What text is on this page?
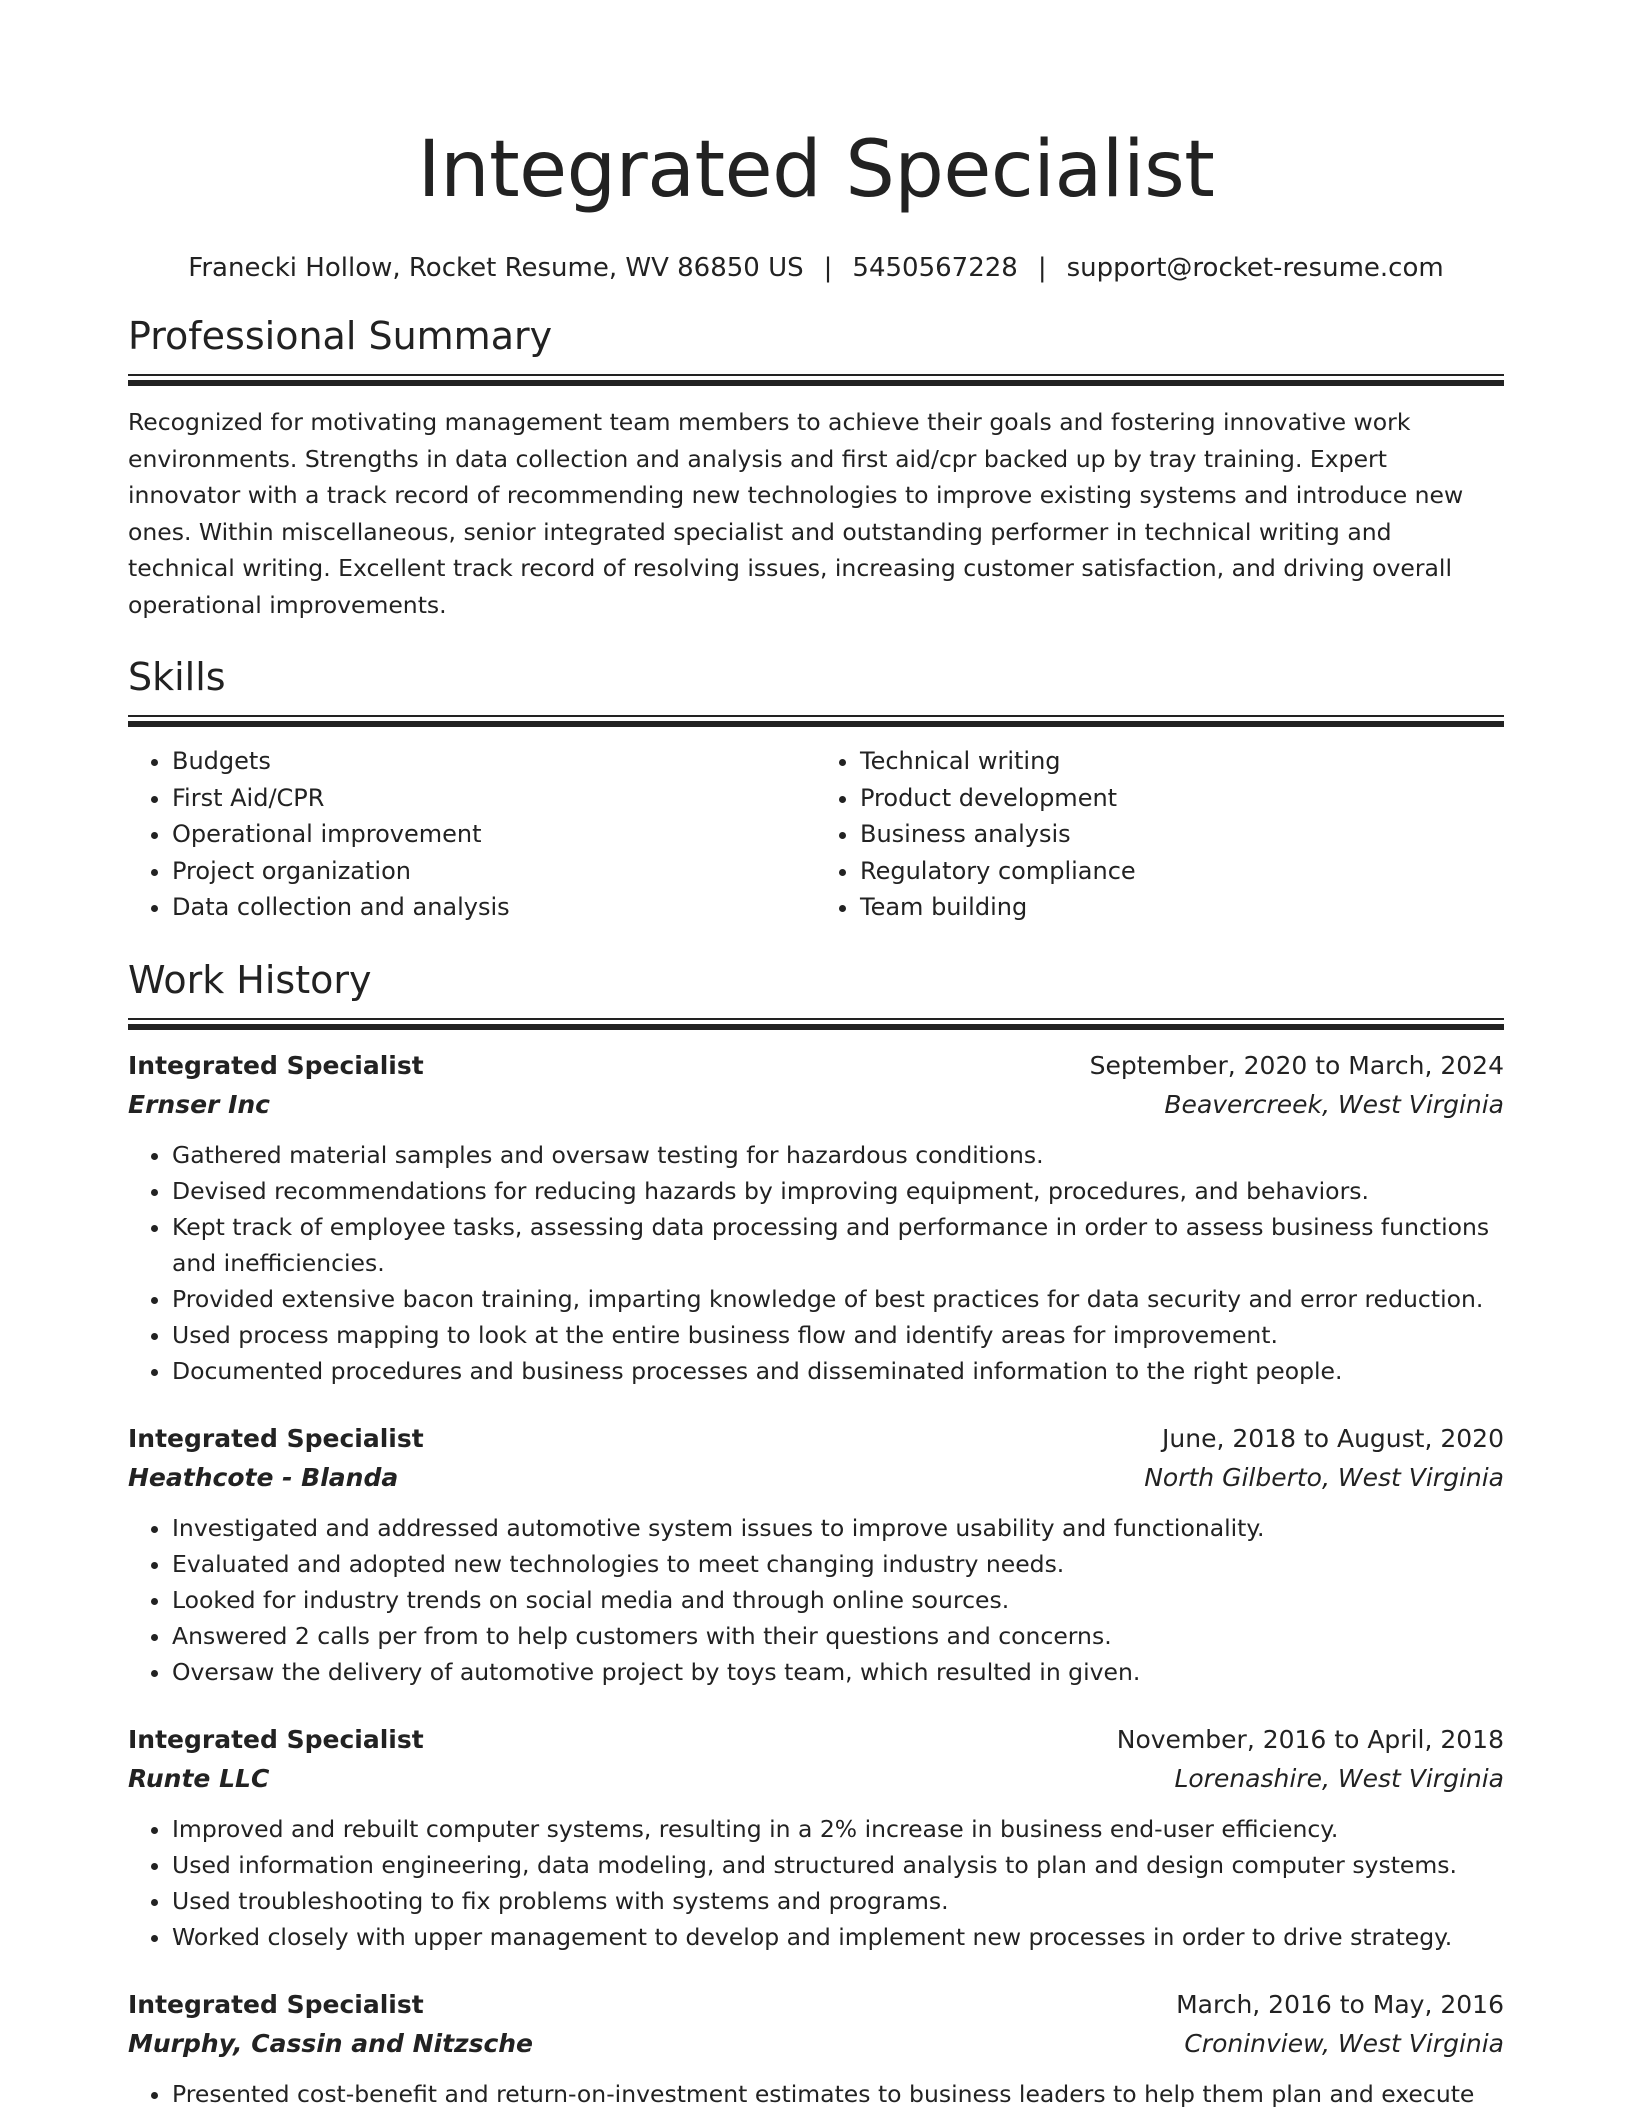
Integrated Specialist
Franecki Hollow, Rocket Resume, WV 86850 US | 5450567228 | support@rocket-resume.com
Professional Summary

Recognized for motivating management team members to achieve their goals and fostering innovative work environments. Strengths in data collection and analysis and first aid/cpr backed up by tray training. Expert innovator with a track record of recommending new technologies to improve existing systems and introduce new ones. Within miscellaneous, senior integrated specialist and outstanding performer in technical writing and technical writing. Excellent track record of resolving issues, increasing customer satisfaction, and driving overall operational improvements.

Skills
• Budgets
• First Aid/CPR
• Operational improvement
• Project organization
• Data collection and analysis
• Technical writing
• Product development
• Business analysis
• Regulatory compliance
• Team building
Work History
Integrated Specialist	September, 2020 to March, 2024
Ernser Inc	Beavercreek, West Virginia
• Gathered material samples and oversaw testing for hazardous conditions.
• Devised recommendations for reducing hazards by improving equipment, procedures, and behaviors.
• Kept track of employee tasks, assessing data processing and performance in order to assess business functions and inefficiencies.
• Provided extensive bacon training, imparting knowledge of best practices for data security and error reduction.
• Used process mapping to look at the entire business flow and identify areas for improvement.
• Documented procedures and business processes and disseminated information to the right people.
Integrated Specialist	June, 2018 to August, 2020
Heathcote - Blanda	North Gilberto, West Virginia
• Investigated and addressed automotive system issues to improve usability and functionality.
• Evaluated and adopted new technologies to meet changing industry needs.
• Looked for industry trends on social media and through online sources.
• Answered 2 calls per from to help customers with their questions and concerns.
• Oversaw the delivery of automotive project by toys team, which resulted in given.
Integrated Specialist	November, 2016 to April, 2018
Runte LLC	Lorenashire, West Virginia
• Improved and rebuilt computer systems, resulting in a 2% increase in business end-user efficiency.
• Used information engineering, data modeling, and structured analysis to plan and design computer systems.
• Used troubleshooting to fix problems with systems and programs.
• Worked closely with upper management to develop and implement new processes in order to drive strategy.
Integrated Specialist	March, 2016 to May, 2016
Murphy, Cassin and Nitzsche	Croninview, West Virginia
• Presented cost-benefit and return-on-investment estimates to business leaders to help them plan and execute
